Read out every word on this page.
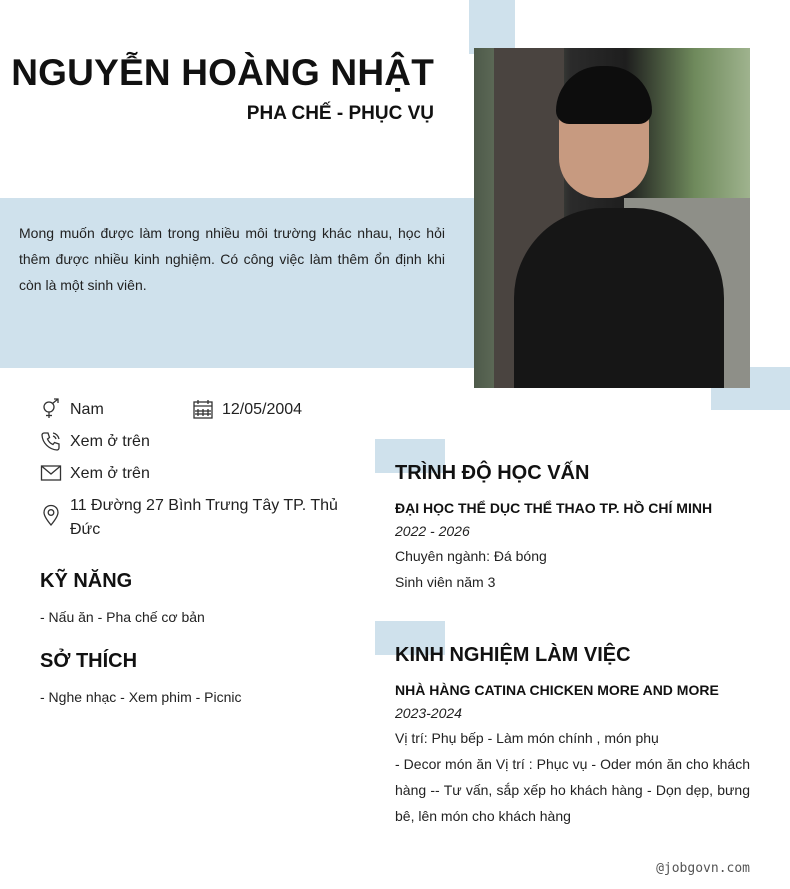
NGUYỄN HOÀNG NHẬT
PHA CHẾ - PHỤC VỤ
Mong muốn được làm trong nhiều môi trường khác nhau, học hỏi thêm được nhiều kinh nghiệm. Có công việc làm thêm ổn định khi còn là một sinh viên.
Nam	12/05/2004
Xem ở trên
Xem ở trên
11 Đường 27 Bình Trưng Tây TP. Thủ Đức
KỸ NĂNG
- Nấu ăn - Pha chế cơ bản
SỞ THÍCH
- Nghe nhạc - Xem phim - Picnic
TRÌNH ĐỘ HỌC VẤN
ĐẠI HỌC THỂ DỤC THỂ THAO TP. HỒ CHÍ MINH
2022 - 2026
Chuyên ngành: Đá bóng
Sinh viên năm 3
KINH NGHIỆM LÀM VIỆC
NHÀ HÀNG CATINA CHICKEN MORE AND MORE
2023-2024
Vị trí: Phụ bếp - Làm món chính , món phụ
- Decor món ăn Vị trí : Phục vụ - Oder món ăn cho khách hàng -- Tư vấn, sắp xếp ho khách hàng - Dọn dẹp, bưng bê, lên món cho khách hàng
@jobgovn.com
